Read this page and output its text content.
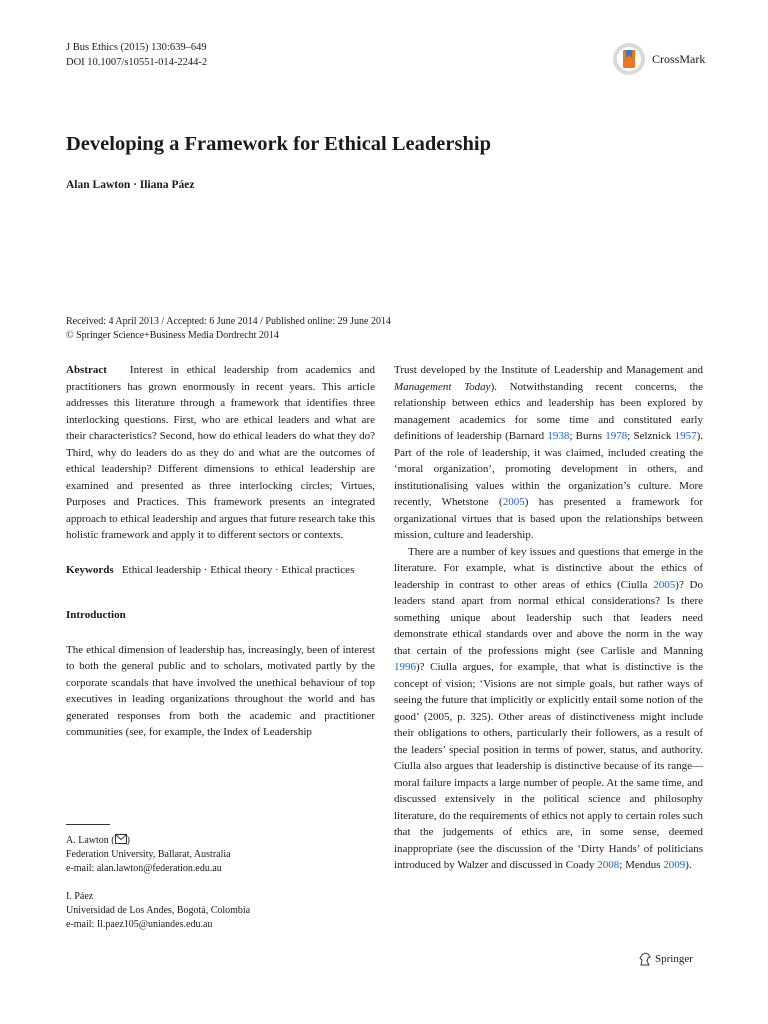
J Bus Ethics (2015) 130:639–649
DOI 10.1007/s10551-014-2244-2	CrossMark
Developing a Framework for Ethical Leadership
Alan Lawton · Iliana Páez
Received: 4 April 2013 / Accepted: 6 June 2014 / Published online: 29 June 2014
© Springer Science+Business Media Dordrecht 2014

Abstract Interest in ethical leadership from academics and practitioners has grown enormously in recent years. This article addresses this literature through a framework that identifies three interlocking questions. First, who are ethical leaders and what are their characteristics? Second, how do ethical leaders do what they do? Third, why do leaders do as they do and what are the outcomes of ethical leadership? Different dimensions to ethical leadership are examined and presented as three interlocking circles; Virtues, Purposes and Practices. This framework presents an integrated approach to ethical leadership and argues that future research take this holistic framework and apply it to different sectors or contexts.

Keywords Ethical leadership · Ethical theory · Ethical practices

Introduction

The ethical dimension of leadership has, increasingly, been of interest to both the general public and to scholars, motivated partly by the corporate scandals that have involved the unethical behaviour of top executives in leading organizations throughout the world and has generated responses from both the academic and practitioner communities (see, for example, the Index of Leadership

Trust developed by the Institute of Leadership and Management and Management Today). Notwithstanding recent concerns, the relationship between ethics and leadership has been explored by management academics for some time and constituted early definitions of leadership (Barnard 1938; Burns 1978; Selznick 1957). Part of the role of leadership, it was claimed, included creating the ‘moral organization’, promoting development in others, and institutionalising values within the organization’s culture. More recently, Whetstone (2005) has presented a framework for organizational virtues that is based upon the relationships between mission, culture and leadership.

There are a number of key issues and questions that emerge in the literature. For example, what is distinctive about the ethics of leadership in contrast to other areas of ethics (Ciulla 2005)? Do leaders stand apart from normal ethical considerations? Is there something unique about leadership such that leaders need demonstrate ethical standards over and above the norm in the way that certain of the professions might (see Carlisle and Manning 1996)? Ciulla argues, for example, that what is distinctive is the concept of vision; ‘Visions are not simple goals, but rather ways of seeing the future that implicitly or explicitly entail some notion of the good’ (2005, p. 325). Other areas of distinctiveness might include their obligations to others, particularly their followers, as a result of the leaders’ special position in terms of power, status, and authority. Ciulla also argues that leadership is distinctive because of its range—moral failure impacts a large number of people. At the same time, and discussed extensively in the political science and philosophy literature, do the requirements of ethics not apply to certain roles such that the judgements of ethics are, in some sense, deemed inappropriate (see the discussion of the ‘Dirty Hands’ of politicians introduced by Walzer and discussed in Coady 2008; Mendus 2009).

A. Lawton ( )

Federation University, Ballarat, Australia

e-mail: alan.lawton@federation.edu.au

I. Páez

Universidad de Los Andes, Bogotá, Colombia

e-mail: Il.paez105@uniandes.edu.au

Springer
